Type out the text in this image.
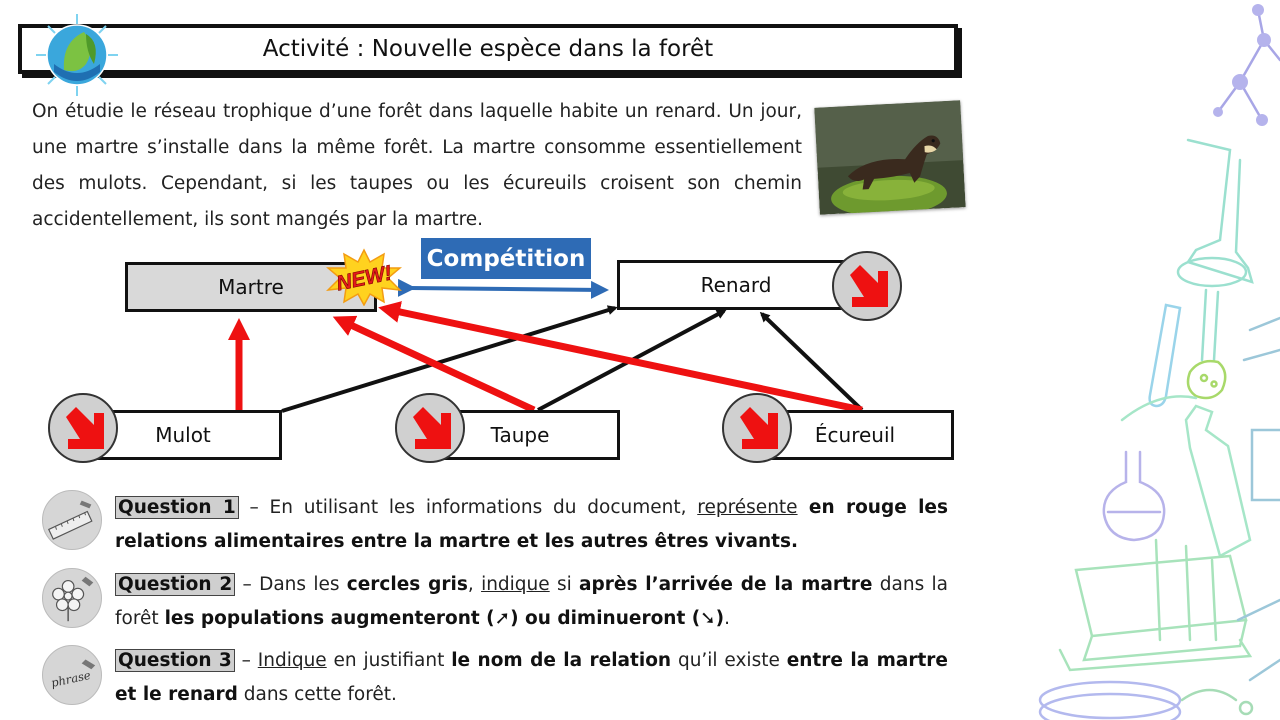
Activité : Nouvelle espèce dans la forêt
On étudie le réseau trophique d’une forêt dans laquelle habite un renard. Un jour, une martre s’installe dans la même forêt. La martre consomme essentiellement des mulots. Cependant, si les taupes ou les écureuils croisent son chemin accidentellement, ils sont mangés par la martre.
Martre	Renard
Mulot	Taupe	Écureuil
NEW!
Compétition
phrase
Question 1 – En utilisant les informations du document, représente en rouge les relations alimentaires entre la martre et les autres êtres vivants.
Question 2 – Dans les cercles gris, indique si après l’arrivée de la martre dans la forêt les populations augmenteront (➚) ou diminueront (➘).
Question 3 – Indique en justifiant le nom de la relation qu’il existe entre la martre et le renard dans cette forêt.
